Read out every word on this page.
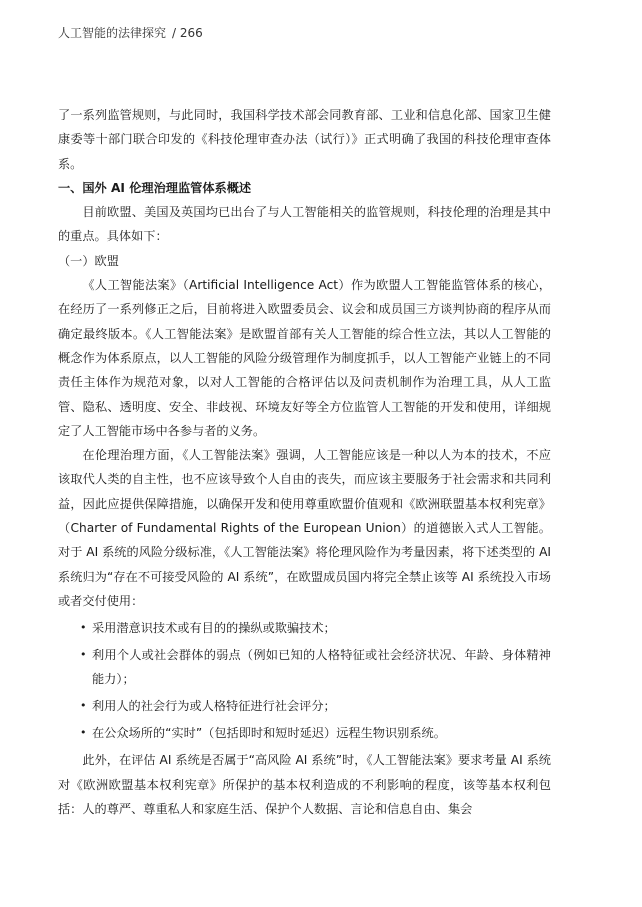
人工智能的法律探究 / 266

了一系列监管规则，与此同时，我国科学技术部会同教育部、工业和信息化部、国家卫生健康委等十部门联合印发的《科技伦理审查办法（试行）》正式明确了我国的科技伦理审查体系。

一、国外 AI 伦理治理监管体系概述

目前欧盟、美国及英国均已出台了与人工智能相关的监管规则，科技伦理的治理是其中的重点。具体如下：

（一）欧盟

《人工智能法案》（Artificial Intelligence Act）作为欧盟人工智能监管体系的核心，在经历了一系列修正之后，目前将进入欧盟委员会、议会和成员国三方谈判协商的程序从而确定最终版本。《人工智能法案》是欧盟首部有关人工智能的综合性立法，其以人工智能的概念作为体系原点，以人工智能的风险分级管理作为制度抓手，以人工智能产业链上的不同责任主体作为规范对象，以对人工智能的合格评估以及问责机制作为治理工具，从人工监管、隐私、透明度、安全、非歧视、环境友好等全方位监管人工智能的开发和使用，详细规定了人工智能市场中各参与者的义务。

在伦理治理方面，《人工智能法案》强调，人工智能应该是一种以人为本的技术，不应该取代人类的自主性，也不应该导致个人自由的丧失，而应该主要服务于社会需求和共同利益，因此应提供保障措施，以确保开发和使用尊重欧盟价值观和《欧洲联盟基本权利宪章》（Charter of Fundamental Rights of the European Union）的道德嵌入式人工智能。对于 AI 系统的风险分级标准，《人工智能法案》将伦理风险作为考量因素，将下述类型的 AI 系统归为“存在不可接受风险的 AI 系统”，在欧盟成员国内将完全禁止该等 AI 系统投入市场或者交付使用：

• 采用潜意识技术或有目的的操纵或欺骗技术；
• 利用个人或社会群体的弱点（例如已知的人格特征或社会经济状况、年龄、身体精神能力）；
• 利用人的社会行为或人格特征进行社会评分；
• 在公众场所的“实时”（包括即时和短时延迟）远程生物识别系统。

此外，在评估 AI 系统是否属于“高风险 AI 系统”时，《人工智能法案》要求考量 AI 系统对《欧洲欧盟基本权利宪章》所保护的基本权利造成的不利影响的程度，该等基本权利包括：人的尊严、尊重私人和家庭生活、保护个人数据、言论和信息自由、集会
